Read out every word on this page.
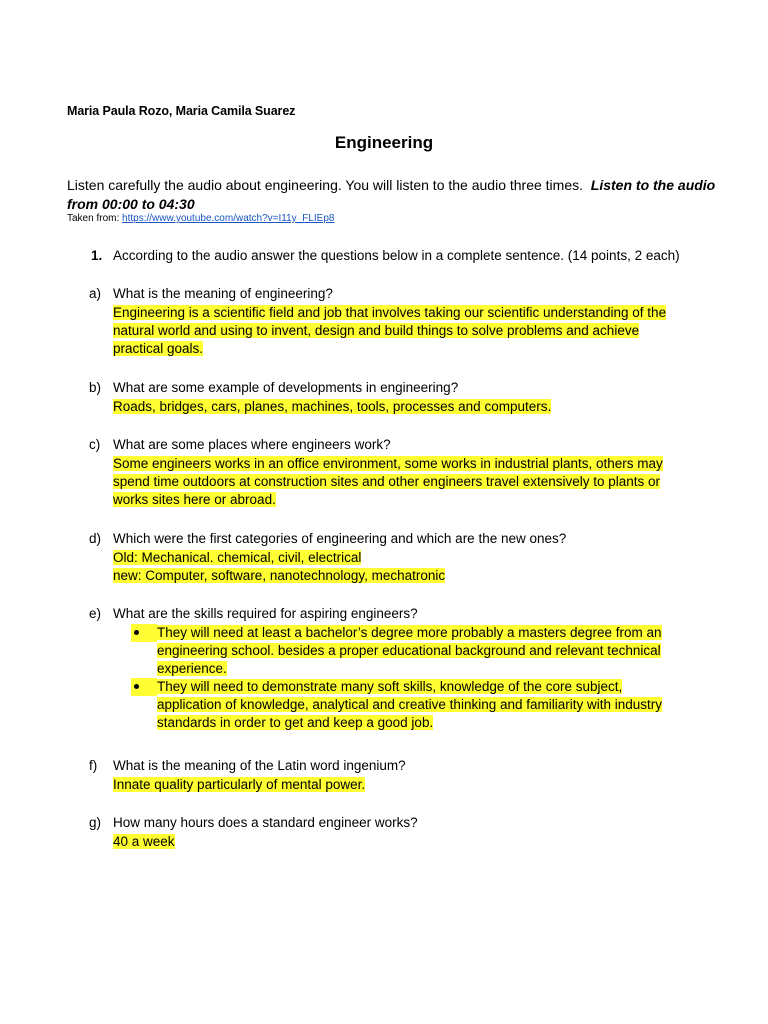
Maria Paula Rozo, Maria Camila Suarez
Engineering
Listen carefully the audio about engineering. You will listen to the audio three times. Listen to the audio from 00:00 to 04:30
Taken from: https://www.youtube.com/watch?v=I11y_FLIEp8
1. According to the audio answer the questions below in a complete sentence. (14 points, 2 each)
a) What is the meaning of engineering?
Engineering is a scientific field and job that involves taking our scientific understanding of the
natural world and using to invent, design and build things to solve problems and achieve
practical goals.
b) What are some example of developments in engineering?
Roads, bridges, cars, planes, machines, tools, processes and computers.
c) What are some places where engineers work?
Some engineers works in an office environment, some works in industrial plants, others may
spend time outdoors at construction sites and other engineers travel extensively to plants or
works sites here or abroad.
d) Which were the first categories of engineering and which are the new ones?
Old: Mechanical. chemical, civil, electrical
new: Computer, software, nanotechnology, mechatronic
e) What are the skills required for aspiring engineers?
They will need at least a bachelor’s degree more probably a masters degree from an
engineering school. besides a proper educational background and relevant technical
experience.
They will need to demonstrate many soft skills, knowledge of the core subject,
application of knowledge, analytical and creative thinking and familiarity with industry
standards in order to get and keep a good job.
f) What is the meaning of the Latin word ingenium?
Innate quality particularly of mental power.
g) How many hours does a standard engineer works?
40 a week
